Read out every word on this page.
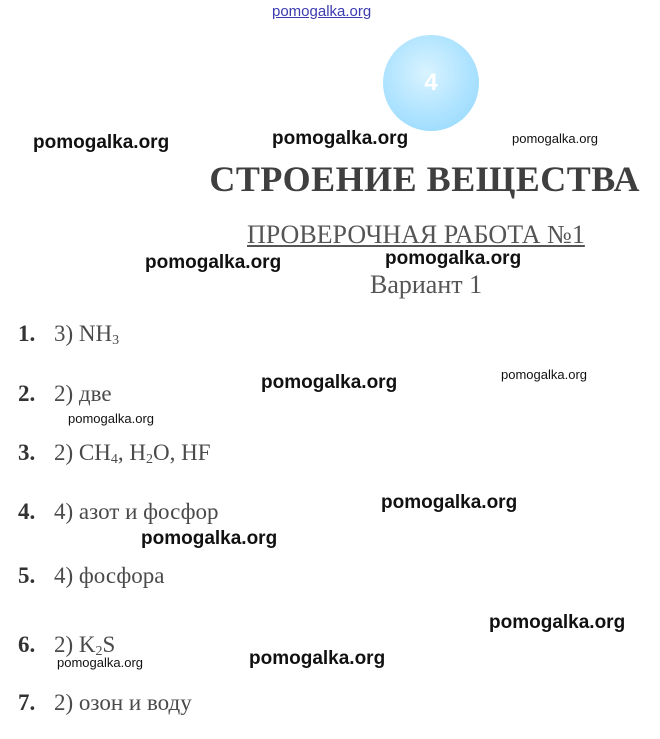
pomogalka.org
pomogalka.org	pomogalka.org	pomogalka.org
pomogalka.org	pomogalka.org
pomogalka.org	pomogalka.org
pomogalka.org
pomogalka.org
pomogalka.org
pomogalka.org
pomogalka.org	pomogalka.org
4
СТРОЕНИЕ ВЕЩЕСТВА
ПРОВЕРОЧНАЯ РАБОТА №1
Вариант 1
1. 3) $NH_3$
2. 2) две
3. 2) $CH_4$, $H_2O$, HF
4. 4) азот и фосфор
5. 4) фосфора
6. 2) $K_2S$
7. 2) озон и воду
